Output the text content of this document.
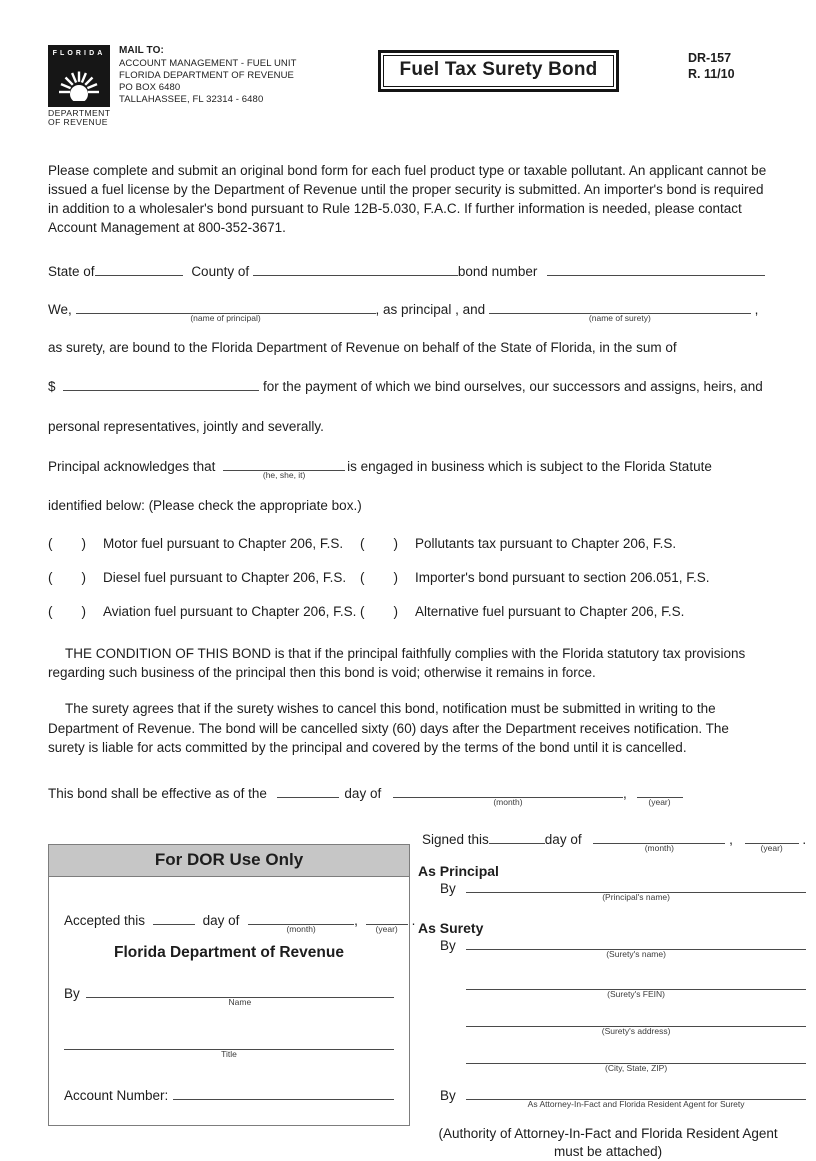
FLORIDA
DEPARTMENT
OF REVENUE
MAIL TO:
ACCOUNT MANAGEMENT - FUEL UNIT
FLORIDA DEPARTMENT OF REVENUE
PO BOX 6480
TALLAHASSEE, FL 32314 - 6480
Fuel Tax Surety Bond
DR-157
R. 11/10

Please complete and submit an original bond form for each fuel product type or taxable pollutant. An applicant cannot be issued a fuel license by the Department of Revenue until the proper security is submitted. An importer's bond is required in addition to a wholesaler's bond pursuant to Rule 12B-5.030, F.A.C. If further information is needed, please contact Account Management at 800-352-3671.

State of	County of	bond number
We,
(name of principal)
, as principal , and
(name of surety)
,

as surety, are bound to the Florida Department of Revenue on behalf of the State of Florida, in the sum of

$	for the payment of which we bind ourselves, our successors and assigns, heirs, and

personal representatives, jointly and severally.

Principal acknowledges that
(he, she, it)
is engaged in business which is subject to the Florida Statute

identified below: (Please check the appropriate box.)

( ) Motor fuel pursuant to Chapter 206, F.S. ( ) Pollutants tax pursuant to Chapter 206, F.S.
( ) Diesel fuel pursuant to Chapter 206, F.S. ( ) Importer's bond pursuant to section 206.051, F.S.
( ) Aviation fuel pursuant to Chapter 206, F.S. ( ) Alternative fuel pursuant to Chapter 206, F.S.

THE CONDITION OF THIS BOND is that if the principal faithfully complies with the Florida statutory tax provisions regarding such business of the principal then this bond is void; otherwise it remains in force.

The surety agrees that if the surety wishes to cancel this bond, notification must be submitted in writing to the Department of Revenue. The bond will be cancelled sixty (60) days after the Department receives notification. The surety is liable for acts committed by the principal and covered by the terms of the bond until it is cancelled.

This bond shall be effective as of the	day of
(month)
,
(year)
For DOR Use Only
Accepted this	day of
(month)
,
(year)
.
Florida Department of Revenue
By
Name
Title
Account Number:
Signed this	day of
(month)
,
(year)
.
As Principal
By
(Principal's name)
As Surety
By
(Surety's name)
(Surety's FEIN)
(Surety's address)
(City, State, ZIP)
By
As Attorney-In-Fact and Florida Resident Agent for Surety
(Authority of Attorney-In-Fact and Florida Resident Agent must be attached)
